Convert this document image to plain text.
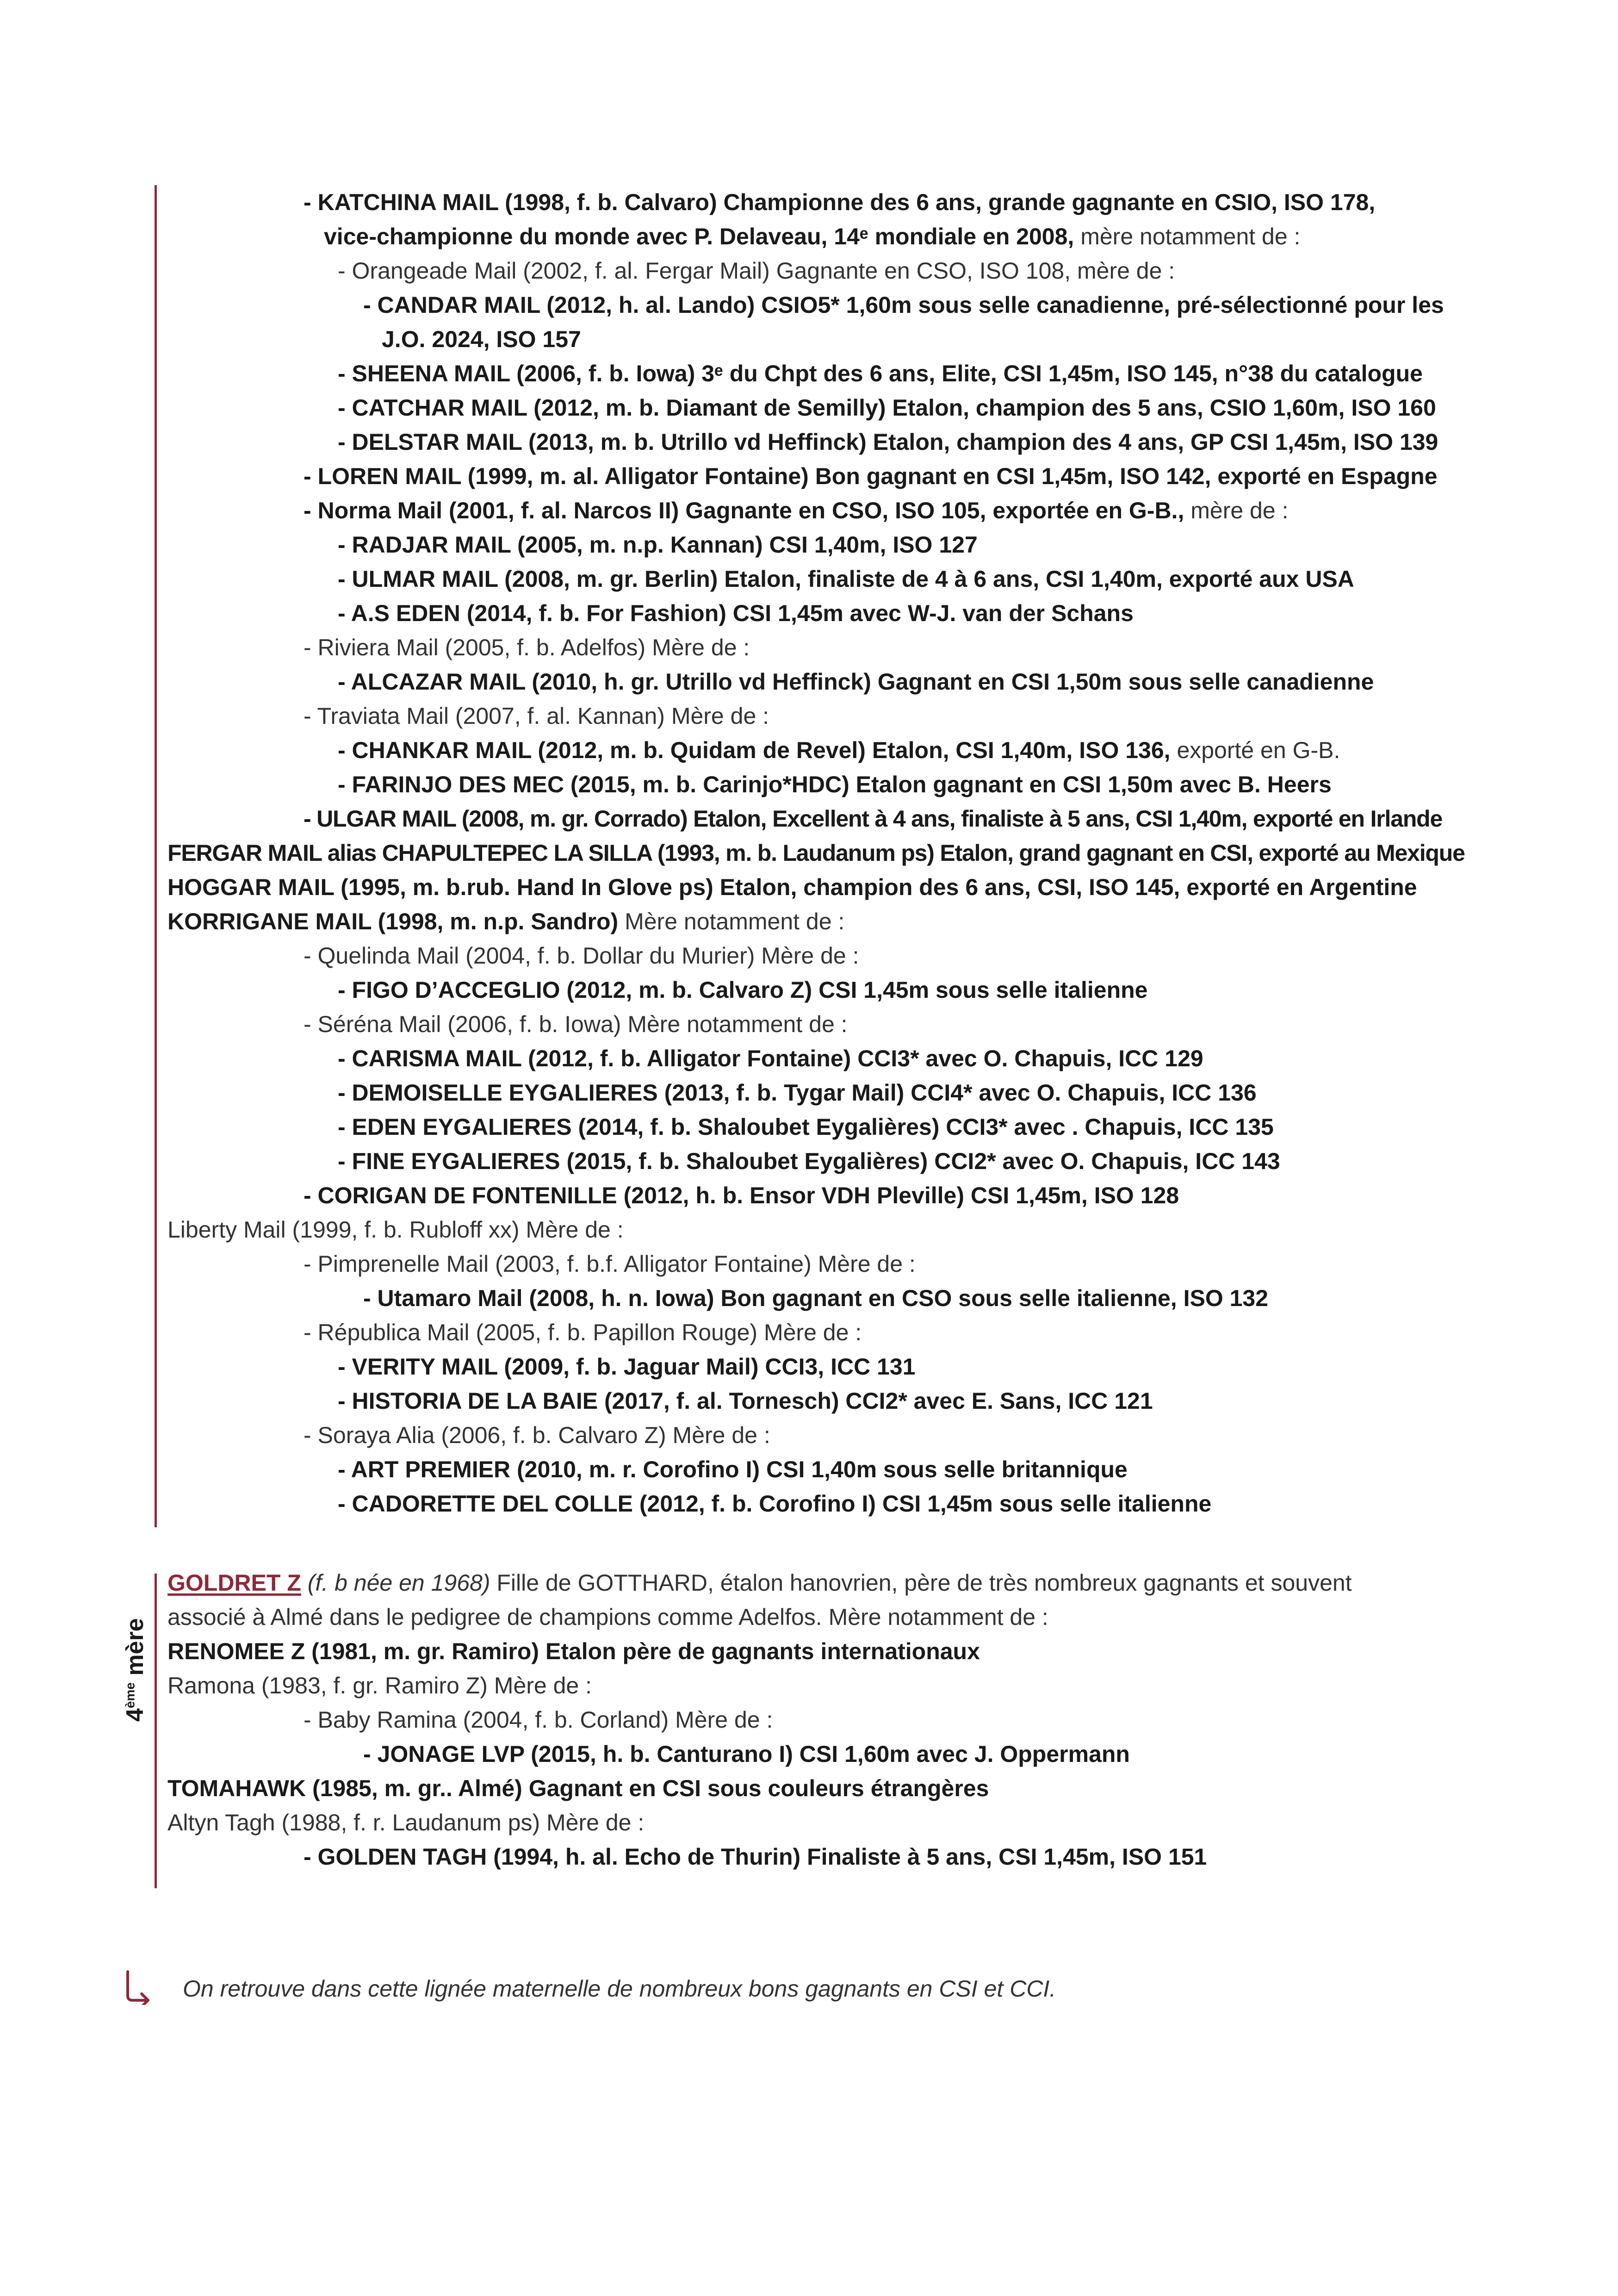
- KATCHINA MAIL (1998, f. b. Calvaro) Championne des 6 ans, grande gagnante en CSIO, ISO 178,
vice-championne du monde avec P. Delaveau, 14ᵉ mondiale en 2008, mère notamment de :
- Orangeade Mail (2002, f. al. Fergar Mail) Gagnante en CSO, ISO 108, mère de :
- CANDAR MAIL (2012, h. al. Lando) CSIO5* 1,60m sous selle canadienne, pré-sélectionné pour les
J.O. 2024, ISO 157
- SHEENA MAIL (2006, f. b. Iowa) 3ᵉ du Chpt des 6 ans, Elite, CSI 1,45m, ISO 145, n°38 du catalogue
- CATCHAR MAIL (2012, m. b. Diamant de Semilly) Etalon, champion des 5 ans, CSIO 1,60m, ISO 160
- DELSTAR MAIL (2013, m. b. Utrillo vd Heffinck) Etalon, champion des 4 ans, GP CSI 1,45m, ISO 139
- LOREN MAIL (1999, m. al. Alligator Fontaine) Bon gagnant en CSI 1,45m, ISO 142, exporté en Espagne
- Norma Mail (2001, f. al. Narcos II) Gagnante en CSO, ISO 105, exportée en G-B., mère de :
- RADJAR MAIL (2005, m. n.p. Kannan) CSI 1,40m, ISO 127
- ULMAR MAIL (2008, m. gr. Berlin) Etalon, finaliste de 4 à 6 ans, CSI 1,40m, exporté aux USA
- A.S EDEN (2014, f. b. For Fashion) CSI 1,45m avec W-J. van der Schans
- Riviera Mail (2005, f. b. Adelfos) Mère de :
- ALCAZAR MAIL (2010, h. gr. Utrillo vd Heffinck) Gagnant en CSI 1,50m sous selle canadienne
- Traviata Mail (2007, f. al. Kannan) Mère de :
- CHANKAR MAIL (2012, m. b. Quidam de Revel) Etalon, CSI 1,40m, ISO 136, exporté en G-B.
- FARINJO DES MEC (2015, m. b. Carinjo*HDC) Etalon gagnant en CSI 1,50m avec B. Heers
- ULGAR MAIL (2008, m. gr. Corrado) Etalon, Excellent à 4 ans, finaliste à 5 ans, CSI 1,40m, exporté en Irlande
FERGAR MAIL alias CHAPULTEPEC LA SILLA (1993, m. b. Laudanum ps) Etalon, grand gagnant en CSI, exporté au Mexique
HOGGAR MAIL (1995, m. b.rub. Hand In Glove ps) Etalon, champion des 6 ans, CSI, ISO 145, exporté en Argentine
KORRIGANE MAIL (1998, m. n.p. Sandro) Mère notamment de :
- Quelinda Mail (2004, f. b. Dollar du Murier) Mère de :
- FIGO D’ACCEGLIO (2012, m. b. Calvaro Z) CSI 1,45m sous selle italienne
- Séréna Mail (2006, f. b. Iowa) Mère notamment de :
- CARISMA MAIL (2012, f. b. Alligator Fontaine) CCI3* avec O. Chapuis, ICC 129
- DEMOISELLE EYGALIERES (2013, f. b. Tygar Mail) CCI4* avec O. Chapuis, ICC 136
- EDEN EYGALIERES (2014, f. b. Shaloubet Eygalières) CCI3* avec . Chapuis, ICC 135
- FINE EYGALIERES (2015, f. b. Shaloubet Eygalières) CCI2* avec O. Chapuis, ICC 143
- CORIGAN DE FONTENILLE (2012, h. b. Ensor VDH Pleville) CSI 1,45m, ISO 128
Liberty Mail (1999, f. b. Rubloff xx) Mère de :
- Pimprenelle Mail (2003, f. b.f. Alligator Fontaine) Mère de :
- Utamaro Mail (2008, h. n. Iowa) Bon gagnant en CSO sous selle italienne, ISO 132
- Républica Mail (2005, f. b. Papillon Rouge) Mère de :
- VERITY MAIL (2009, f. b. Jaguar Mail) CCI3, ICC 131
- HISTORIA DE LA BAIE (2017, f. al. Tornesch) CCI2* avec E. Sans, ICC 121
- Soraya Alia (2006, f. b. Calvaro Z) Mère de :
- ART PREMIER (2010, m. r. Corofino I) CSI 1,40m sous selle britannique
- CADORETTE DEL COLLE (2012, f. b. Corofino I) CSI 1,45m sous selle italienne
4ème mère
GOLDRET Z (f. b née en 1968) Fille de GOTTHARD, étalon hanovrien, père de très nombreux gagnants et souvent
associé à Almé dans le pedigree de champions comme Adelfos. Mère notamment de :
RENOMEE Z (1981, m. gr. Ramiro) Etalon père de gagnants internationaux
Ramona (1983, f. gr. Ramiro Z) Mère de :
- Baby Ramina (2004, f. b. Corland) Mère de :
- JONAGE LVP (2015, h. b. Canturano I) CSI 1,60m avec J. Oppermann
TOMAHAWK (1985, m. gr.. Almé) Gagnant en CSI sous couleurs étrangères
Altyn Tagh (1988, f. r. Laudanum ps) Mère de :
- GOLDEN TAGH (1994, h. al. Echo de Thurin) Finaliste à 5 ans, CSI 1,45m, ISO 151
On retrouve dans cette lignée maternelle de nombreux bons gagnants en CSI et CCI.
